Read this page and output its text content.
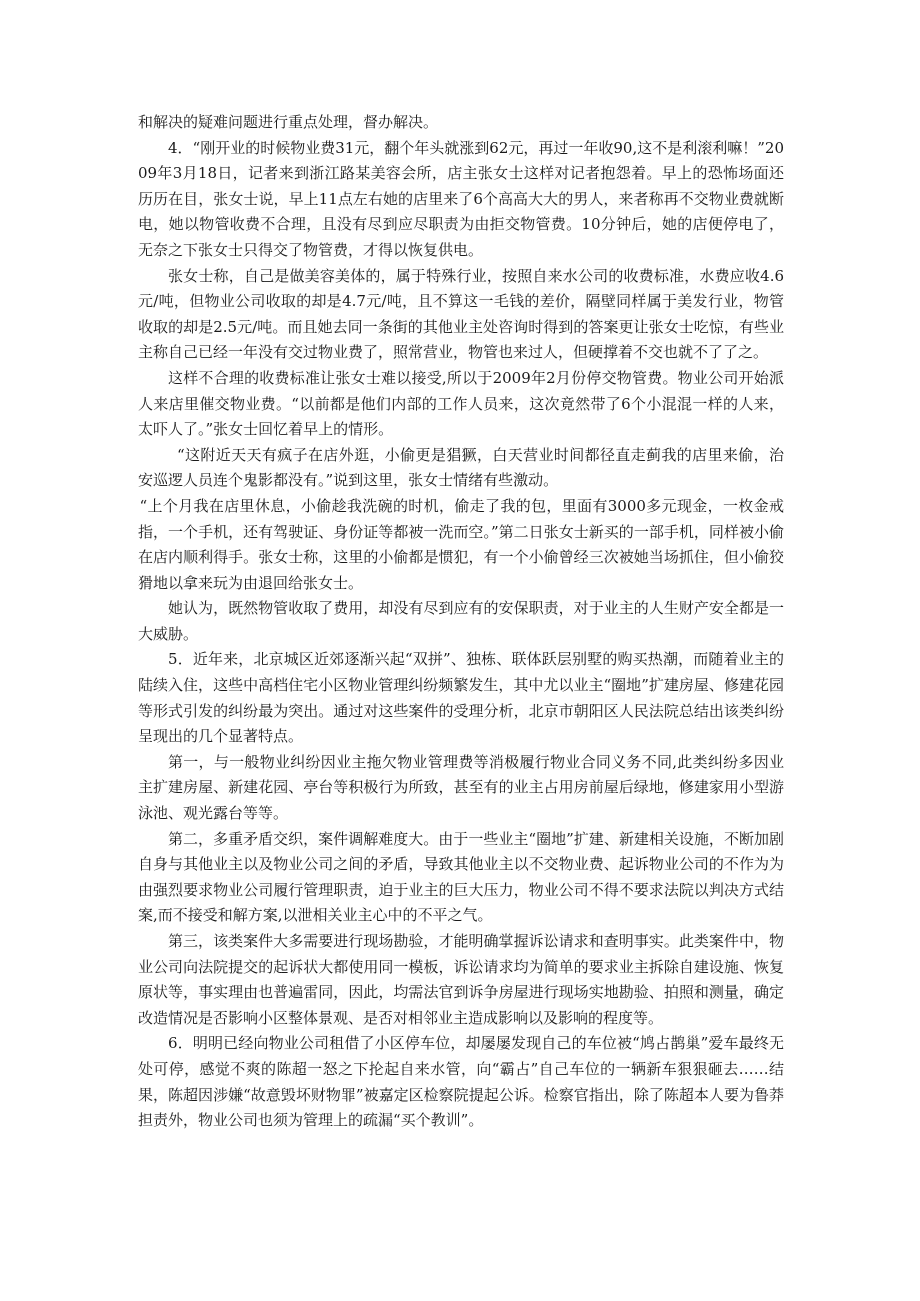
和解决的疑难问题进行重点处理，督办解决。

4．“刚开业的时候物业费31元，翻个年头就涨到62元，再过一年收90,这不是利滚利嘛！”2009年3月18日，记者来到浙江路某美容会所，店主张女士这样对记者抱怨着。早上的恐怖场面还历历在目，张女士说，早上11点左右她的店里来了6个高高大大的男人，来者称再不交物业费就断电，她以物管收费不合理，且没有尽到应尽职责为由拒交物管费。10分钟后，她的店便停电了，无奈之下张女士只得交了物管费，才得以恢复供电。

张女士称，自己是做美容美体的，属于特殊行业，按照自来水公司的收费标准，水费应收4.6元/吨，但物业公司收取的却是4.7元/吨，且不算这一毛钱的差价，隔壁同样属于美发行业，物管收取的却是2.5元/吨。而且她去同一条街的其他业主处咨询时得到的答案更让张女士吃惊，有些业主称自己已经一年没有交过物业费了，照常营业，物管也来过人，但硬撑着不交也就不了了之。

这样不合理的收费标准让张女士难以接受,所以于2009年2月份停交物管费。物业公司开始派人来店里催交物业费。“以前都是他们内部的工作人员来，这次竟然带了6个小混混一样的人来，太吓人了。”张女士回忆着早上的情形。

“这附近天天有疯子在店外逛，小偷更是猖獗，白天营业时间都径直走蓟我的店里来偷，治安巡逻人员连个鬼影都没有。”说到这里，张女士情绪有些激动。

“上个月我在店里休息，小偷趁我洗碗的时机，偷走了我的包，里面有3000多元现金，一枚金戒指，一个手机，还有驾驶证、身份证等都被一洗而空。”第二日张女士新买的一部手机，同样被小偷在店内顺利得手。张女士称，这里的小偷都是惯犯，有一个小偷曾经三次被她当场抓住，但小偷狡猾地以拿来玩为由退回给张女士。

她认为，既然物管收取了费用，却没有尽到应有的安保职责，对于业主的人生财产安全都是一大威胁。

5．近年来，北京城区近郊逐渐兴起“双拼”、独栋、联体跃层别墅的购买热潮，而随着业主的陆续入住，这些中高档住宅小区物业管理纠纷频繁发生，其中尤以业主“圈地”扩建房屋、修建花园等形式引发的纠纷最为突出。通过对这些案件的受理分析，北京市朝阳区人民法院总结出该类纠纷呈现出的几个显著特点。

第一，与一般物业纠纷因业主拖欠物业管理费等消极履行物业合同义务不同,此类纠纷多因业主扩建房屋、新建花园、亭台等积极行为所致，甚至有的业主占用房前屋后绿地，修建家用小型游泳池、观光露台等等。

第二，多重矛盾交织，案件调解难度大。由于一些业主“圈地”扩建、新建相关设施，不断加剧自身与其他业主以及物业公司之间的矛盾，导致其他业主以不交物业费、起诉物业公司的不作为为由强烈要求物业公司履行管理职责，迫于业主的巨大压力，物业公司不得不要求法院以判决方式结案,而不接受和解方案,以泄相关业主心中的不平之气。

第三，该类案件大多需要进行现场勘验，才能明确掌握诉讼请求和查明事实。此类案件中，物业公司向法院提交的起诉状大都使用同一模板，诉讼请求均为简单的要求业主拆除自建设施、恢复原状等，事实理由也普遍雷同，因此，均需法官到诉争房屋进行现场实地勘验、拍照和测量，确定改造情况是否影响小区整体景观、是否对相邻业主造成影响以及影响的程度等。

6．明明已经向物业公司租借了小区停车位，却屡屡发现自己的车位被“鸠占鹊巢”爱车最终无处可停，感觉不爽的陈超一怒之下抡起自来水管，向“霸占”自己车位的一辆新车狠狠砸去……结果，陈超因涉嫌“故意毁坏财物罪”被嘉定区检察院提起公诉。检察官指出，除了陈超本人要为鲁莽担责外，物业公司也须为管理上的疏漏“买个教训”。
